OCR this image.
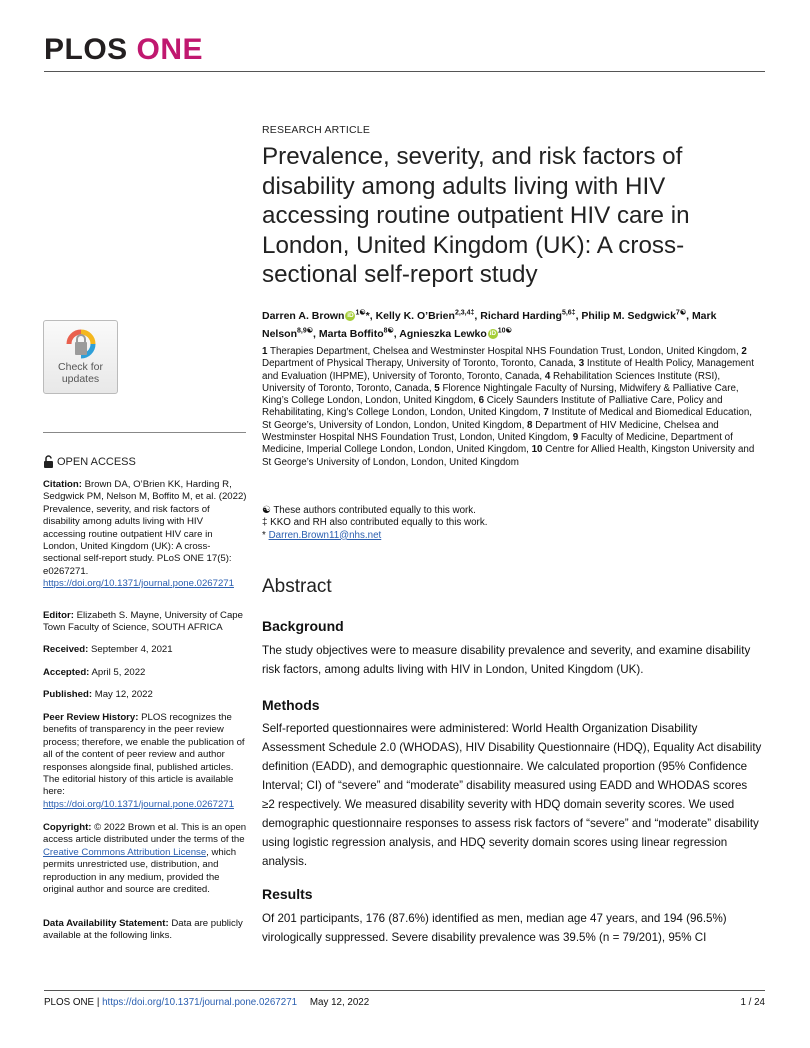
PLOS ONE
Check for
updates
OPEN ACCESS
Citation: Brown DA, O’Brien KK, Harding R, Sedgwick PM, Nelson M, Boffito M, et al. (2022) Prevalence, severity, and risk factors of disability among adults living with HIV accessing routine outpatient HIV care in London, United Kingdom (UK): A cross-sectional self-report study. PLoS ONE 17(5): e0267271. https://doi.org/10.1371/journal.pone.0267271
Editor: Elizabeth S. Mayne, University of Cape Town Faculty of Science, SOUTH AFRICA
Received: September 4, 2021
Accepted: April 5, 2022
Published: May 12, 2022
Peer Review History: PLOS recognizes the benefits of transparency in the peer review process; therefore, we enable the publication of all of the content of peer review and author responses alongside final, published articles. The editorial history of this article is available here: https://doi.org/10.1371/journal.pone.0267271
Copyright: © 2022 Brown et al. This is an open access article distributed under the terms of the Creative Commons Attribution License, which permits unrestricted use, distribution, and reproduction in any medium, provided the original author and source are credited.
Data Availability Statement: Data are publicly available at the following links.
RESEARCH ARTICLE
Prevalence, severity, and risk factors of disability among adults living with HIV accessing routine outpatient HIV care in London, United Kingdom (UK): A cross-sectional self-report study
Darren A. Brown iD $^{1☯}$*, Kelly K. O’Brien$^{2,3,4\ddagger}$, Richard Harding$^{5,6\ddagger}$, Philip M. Sedgwick$^{7☯}$, Mark Nelson$^{8,9☯}$, Marta Boffito$^{8☯}$, Agnieszka Lewko iD $^{10☯}$
1 Therapies Department, Chelsea and Westminster Hospital NHS Foundation Trust, London, United Kingdom, 2 Department of Physical Therapy, University of Toronto, Toronto, Canada, 3 Institute of Health Policy, Management and Evaluation (IHPME), University of Toronto, Toronto, Canada, 4 Rehabilitation Sciences Institute (RSI), University of Toronto, Toronto, Canada, 5 Florence Nightingale Faculty of Nursing, Midwifery & Palliative Care, King’s College London, London, United Kingdom, 6 Cicely Saunders Institute of Palliative Care, Policy and Rehabilitating, King’s College London, London, United Kingdom, 7 Institute of Medical and Biomedical Education, St George’s, University of London, London, United Kingdom, 8 Department of HIV Medicine, Chelsea and Westminster Hospital NHS Foundation Trust, London, United Kingdom, 9 Faculty of Medicine, Department of Medicine, Imperial College London, London, United Kingdom, 10 Centre for Allied Health, Kingston University and St George’s University of London, London, United Kingdom
☯ These authors contributed equally to this work.
‡ KKO and RH also contributed equally to this work.
* Darren.Brown11@nhs.net
Abstract
Background
The study objectives were to measure disability prevalence and severity, and examine disability risk factors, among adults living with HIV in London, United Kingdom (UK).
Methods
Self-reported questionnaires were administered: World Health Organization Disability Assessment Schedule 2.0 (WHODAS), HIV Disability Questionnaire (HDQ), Equality Act disability definition (EADD), and demographic questionnaire. We calculated proportion (95% Confidence Interval; CI) of “severe” and “moderate” disability measured using EADD and WHODAS scores ≥2 respectively. We measured disability severity with HDQ domain severity scores. We used demographic questionnaire responses to assess risk factors of “severe” and “moderate” disability using logistic regression analysis, and HDQ severity domain scores using linear regression analysis.
Results
Of 201 participants, 176 (87.6%) identified as men, median age 47 years, and 194 (96.5%) virologically suppressed. Severe disability prevalence was 39.5% (n = 79/201), 95% CI
PLOS ONE | https://doi.org/10.1371/journal.pone.0267271 May 12, 2022	1 / 24
